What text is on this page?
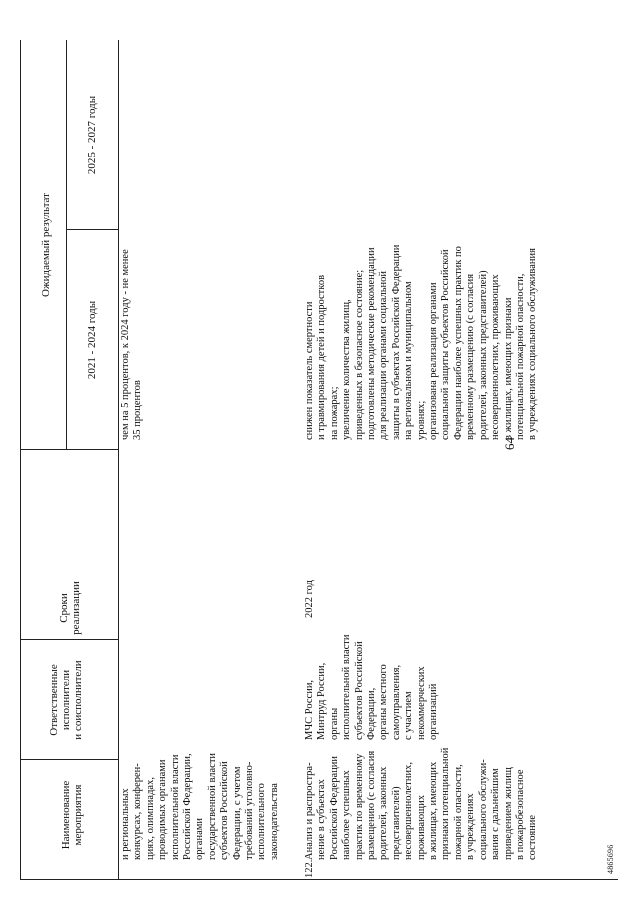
64
Наименование
мероприятия
Ответственные
исполнители
и соисполнители
Сроки
реализации
Ожидаемый результат
2021 - 2024 годы
2025 - 2027 годы
и региональных
конкурсах, конферен-
циях, олимпиадах,
проводимых органами
исполнительной власти
Российской Федерации,
органами
государственной власти
субъектов Российской
Федерации, с учетом
требований уголовно-
исполнительного
законодательства
чем на 5 процентов, к 2024 году - не менее
35 процентов
122.
Анализ и распростра-
нение в субъектах
Российской Федерации
наиболее успешных
практик по временному
размещению (с согласия
родителей, законных
представителей)
несовершеннолетних,
проживающих
в жилищах, имеющих
признаки потенциальной
пожарной опасности,
в учреждениях
социального обслужи-
вания с дальнейшим
приведением жилищ
в пожаробезопасное
состояние
МЧС России,
Минтруд России,
органы
исполнительной власти
субъектов Российской
Федерации,
органы местного
самоуправления,
с участием
некоммерческих
организаций
2022 год
снижен показатель смертности
и травмирования детей и подростков
на пожарах;
увеличение количества жилищ,
приведенных в безопасное состояние;
подготовлены методические рекомендации
для реализации органами социальной
защиты в субъектах Российской Федерации
на региональном и муниципальном
уровнях;
организована реализация органами
социальной защиты субъектов Российской
Федерации наиболее успешных практик по
временному размещению (с согласия
родителей, законных представителей)
несовершеннолетних, проживающих
в жилищах, имеющих признаки
потенциальной пожарной опасности,
в учреждениях социального обслуживания
4865696
